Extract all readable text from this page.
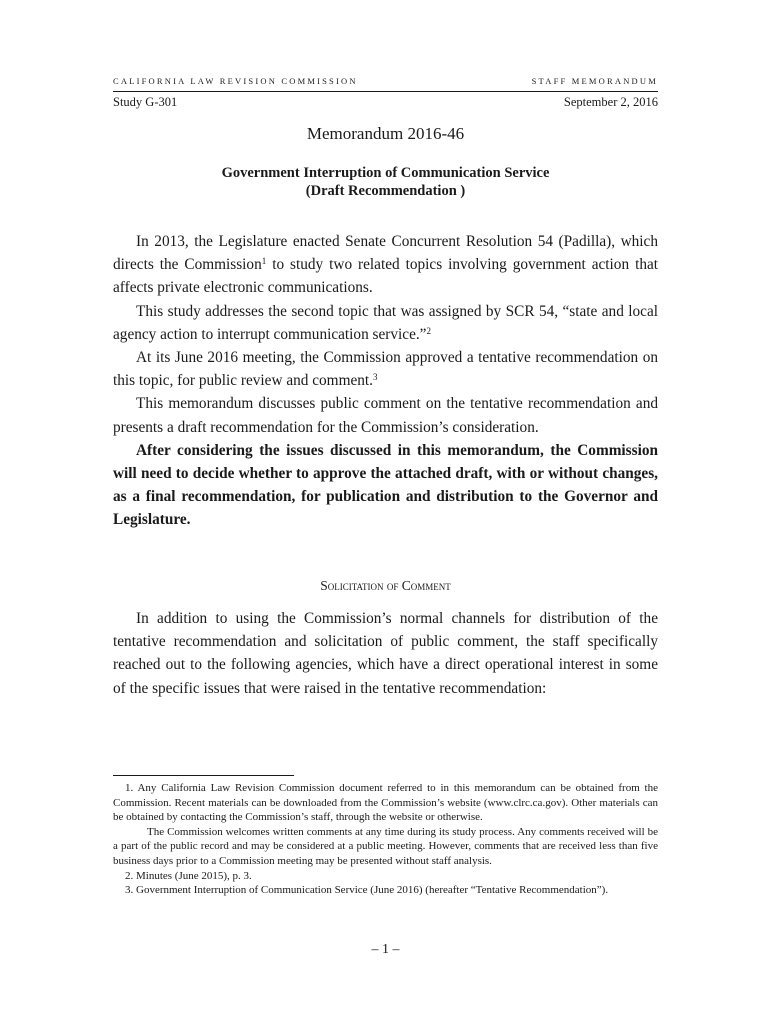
CALIFORNIA LAW REVISION COMMISSION	STAFF MEMORANDUM
Study G-301	September 2, 2016
Memorandum 2016-46
Government Interruption of Communication Service
(Draft Recommendation )

In 2013, the Legislature enacted Senate Concurrent Resolution 54 (Padilla), which directs the Commission$^1$ to study two related topics involving government action that affects private electronic communications.

This study addresses the second topic that was assigned by SCR 54, “state and local agency action to interrupt communication service.”$^2$

At its June 2016 meeting, the Commission approved a tentative recommendation on this topic, for public review and comment.$^3$

This memorandum discusses public comment on the tentative recommendation and presents a draft recommendation for the Commission’s consideration.

After considering the issues discussed in this memorandum, the Commission will need to decide whether to approve the attached draft, with or without changes, as a final recommendation, for publication and distribution to the Governor and Legislature.

Solicitation of Comment

In addition to using the Commission’s normal channels for distribution of the tentative recommendation and solicitation of public comment, the staff specifically reached out to the following agencies, which have a direct operational interest in some of the specific issues that were raised in the tentative recommendation:

1. Any California Law Revision Commission document referred to in this memorandum can be obtained from the Commission. Recent materials can be downloaded from the Commission’s website (www.clrc.ca.gov). Other materials can be obtained by contacting the Commission’s staff, through the website or otherwise.

The Commission welcomes written comments at any time during its study process. Any comments received will be a part of the public record and may be considered at a public meeting. However, comments that are received less than five business days prior to a Commission meeting may be presented without staff analysis.

2. Minutes (June 2015), p. 3.

3. Government Interruption of Communication Service (June 2016) (hereafter “Tentative Recommendation”).

– 1 –
